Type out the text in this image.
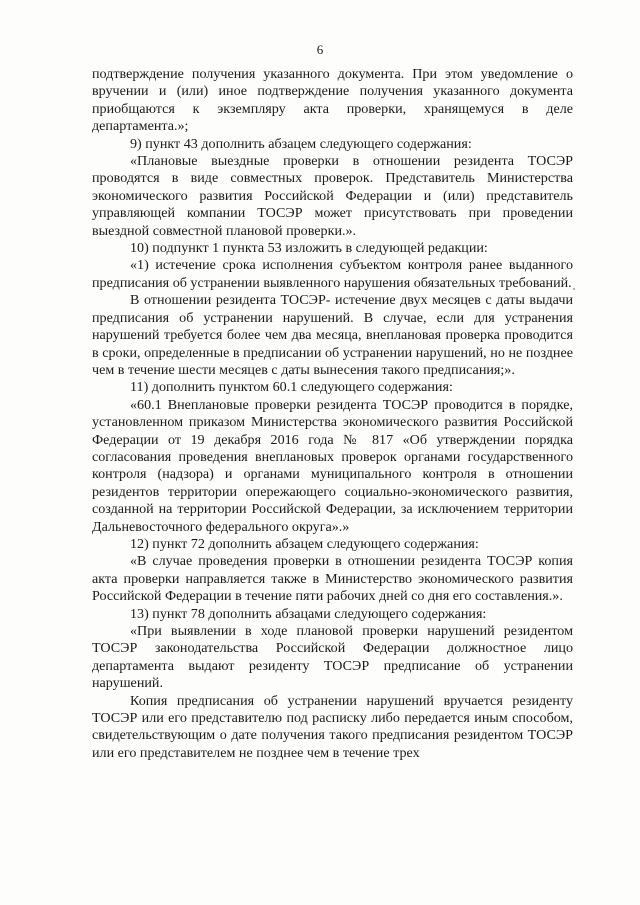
6

подтверждение получения указанного документа. При этом уведомление о вручении и (или) иное подтверждение получения указанного документа приобщаются к экземпляру акта проверки, хранящемуся в деле департамента.»;

9) пункт 43 дополнить абзацем следующего содержания:

«Плановые выездные проверки в отношении резидента ТОСЭР проводятся в виде совместных проверок. Представитель Министерства экономического развития Российской Федерации и (или) представитель управляющей компании ТОСЭР может присутствовать при проведении выездной совместной плановой проверки.».

10) подпункт 1 пункта 53 изложить в следующей редакции:

«1) истечение срока исполнения субъектом контроля ранее выданного предписания об устранении выявленного нарушения обязательных требований.

В отношении резидента ТОСЭР- истечение двух месяцев с даты выдачи предписания об устранении нарушений. В случае, если для устранения нарушений требуется более чем два месяца, внеплановая проверка проводится в сроки, определенные в предписании об устранении нарушений, но не позднее чем в течение шести месяцев с даты вынесения такого предписания;».

11) дополнить пунктом 60.1 следующего содержания:

«60.1 Внеплановые проверки резидента ТОСЭР проводится в порядке, установленном приказом Министерства экономического развития Российской Федерации от 19 декабря 2016 года № 817 «Об утверждении порядка согласования проведения внеплановых проверок органами государственного контроля (надзора) и органами муниципального контроля в отношении резидентов территории опережающего социально-экономического развития, созданной на территории Российской Федерации, за исключением территории Дальневосточного федерального округа».»

12) пункт 72 дополнить абзацем следующего содержания:

«В случае проведения проверки в отношении резидента ТОСЭР копия акта проверки направляется также в Министерство экономического развития Российской Федерации в течение пяти рабочих дней со дня его составления.».

13) пункт 78 дополнить абзацами следующего содержания:

«При выявлении в ходе плановой проверки нарушений резидентом ТОСЭР законодательства Российской Федерации должностное лицо департамента выдают резиденту ТОСЭР предписание об устранении нарушений.

Копия предписания об устранении нарушений вручается резиденту ТОСЭР или его представителю под расписку либо передается иным способом, свидетельствующим о дате получения такого предписания резидентом ТОСЭР или его представителем не позднее чем в течение трех
